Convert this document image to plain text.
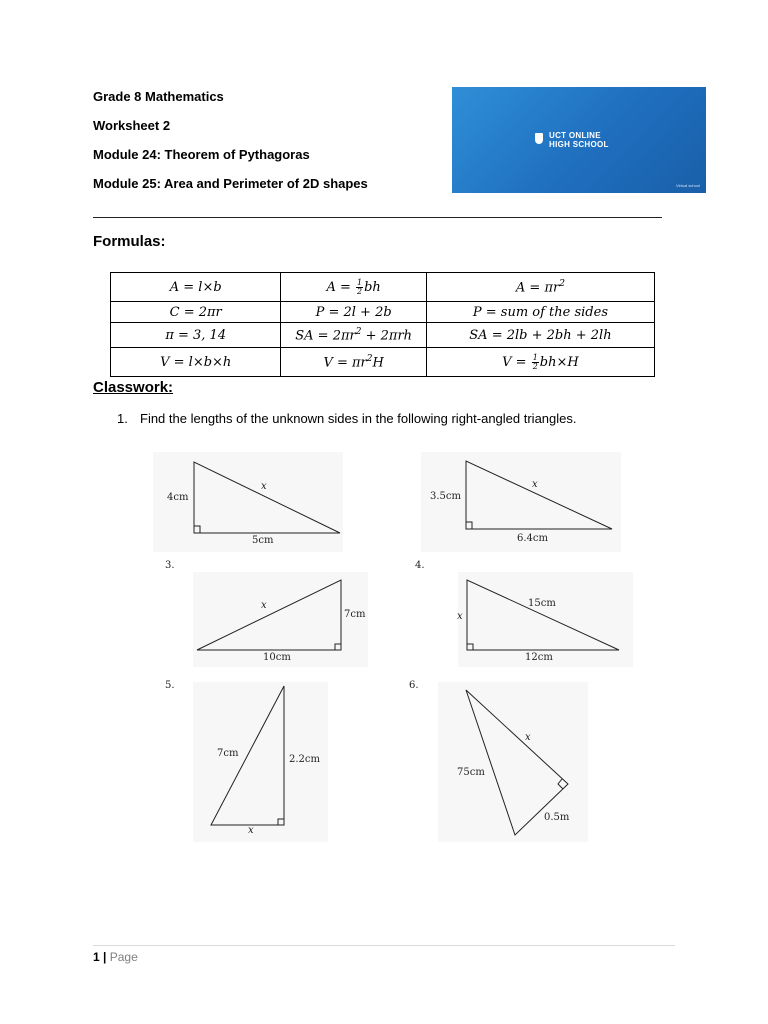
Grade 8 Mathematics
Worksheet 2
Module 24: Theorem of Pythagoras
Module 25: Area and Perimeter of 2D shapes
UCT ONLINE
HIGH SCHOOL
Virtual school
Formulas:
A = l×b	$A = \frac{1}{2}$ bh	$A = \pi r^2$
C = 2πr	P = 2l + 2b	P = sum of the sides
π = 3, 14	SA = $2\pi r^2 + 2\pi rh$	SA = 2lb + 2bh + 2lh
V = l×b×h	$V = \pi r^2H$	$V = \frac{1}{2} bh\times H$
Classwork:
1. Find the lengths of the unknown sides in the following right-angled triangles.
4cm
5cm
x
3.5cm
6.4cm
x
3.
7cm
10cm
x
4.
x
12cm
15cm
5.
2.2cm
x
7cm
6.
x
0.5m
75cm
1 | Page
